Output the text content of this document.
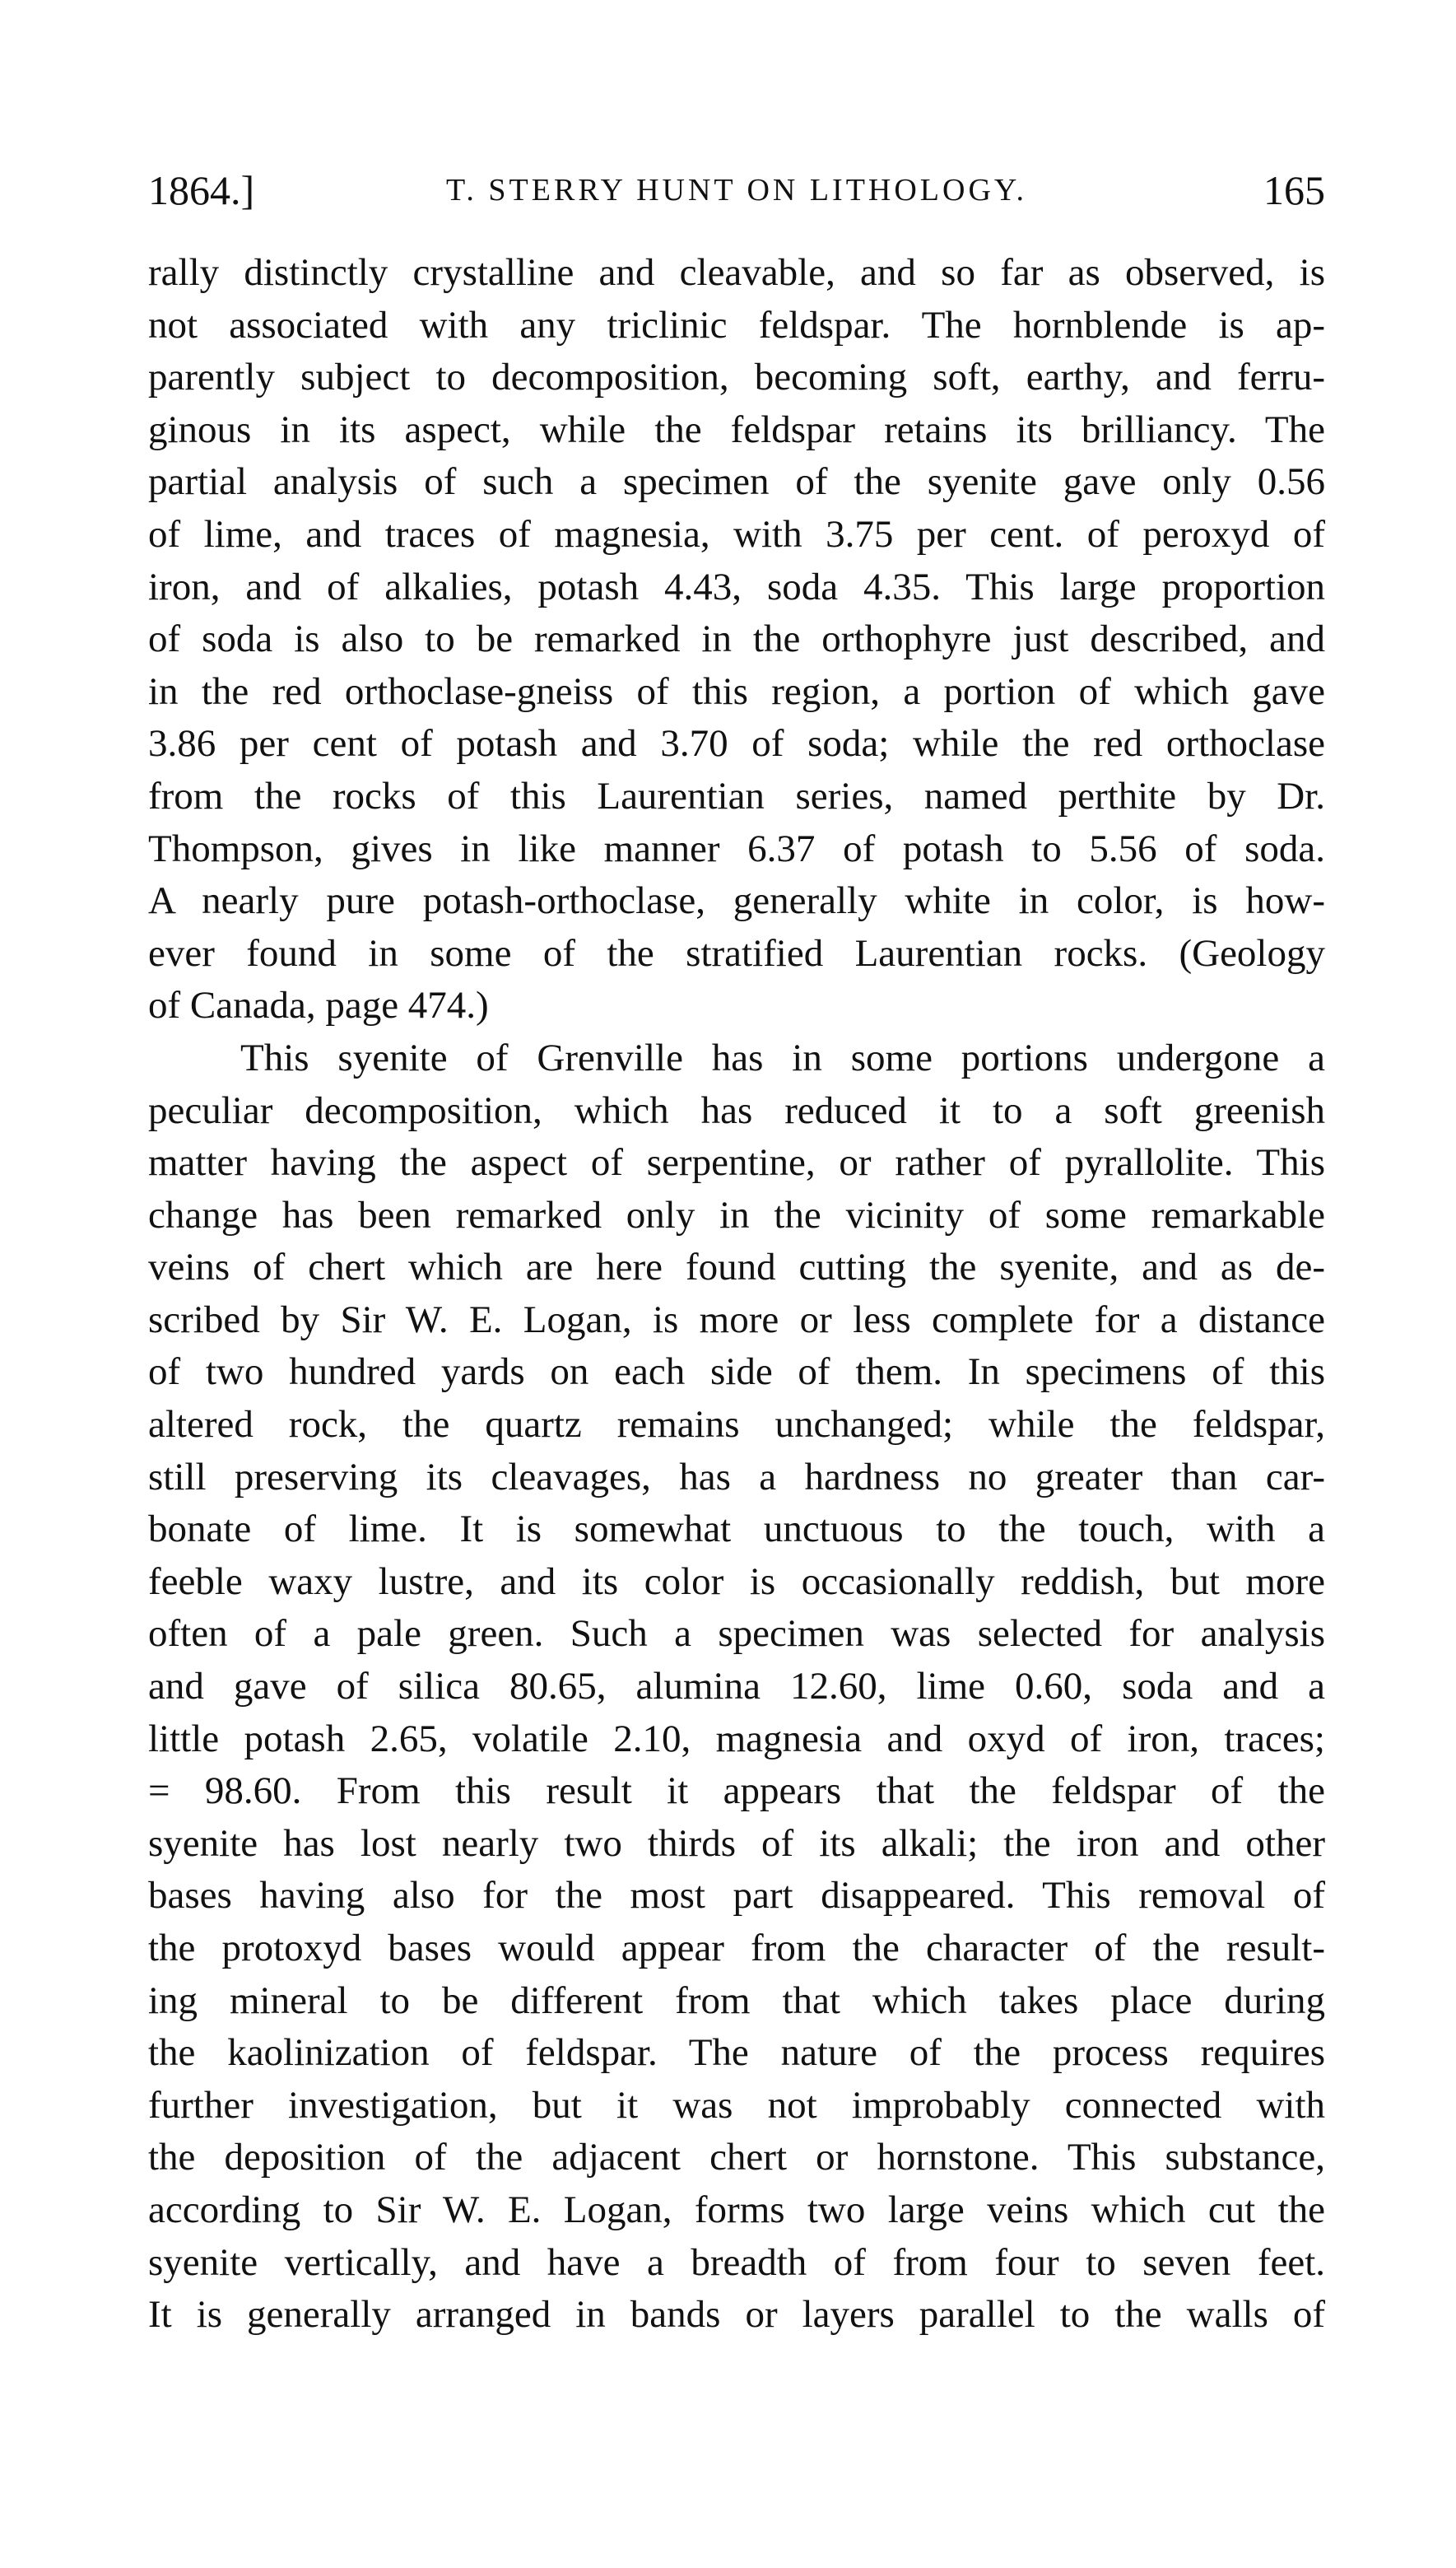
1864.]	T. STERRY HUNT ON LITHOLOGY.	165
rally distinctly crystalline and cleavable, and so far as observed, is
not associated with any triclinic feldspar. The hornblende is ap-
parently subject to decomposition, becoming soft, earthy, and ferru-
ginous in its aspect, while the feldspar retains its brilliancy. The
partial analysis of such a specimen of the syenite gave only 0.56
of lime, and traces of magnesia, with 3.75 per cent. of peroxyd of
iron, and of alkalies, potash 4.43, soda 4.35. This large proportion
of soda is also to be remarked in the orthophyre just described, and
in the red orthoclase-gneiss of this region, a portion of which gave
3.86 per cent of potash and 3.70 of soda; while the red orthoclase
from the rocks of this Laurentian series, named perthite by Dr.
Thompson, gives in like manner 6.37 of potash to 5.56 of soda.
A nearly pure potash-orthoclase, generally white in color, is how-
ever found in some of the stratified Laurentian rocks. (Geology
of Canada, page 474.)
This syenite of Grenville has in some portions undergone a
peculiar decomposition, which has reduced it to a soft greenish
matter having the aspect of serpentine, or rather of pyrallolite. This
change has been remarked only in the vicinity of some remarkable
veins of chert which are here found cutting the syenite, and as de-
scribed by Sir W. E. Logan, is more or less complete for a distance
of two hundred yards on each side of them. In specimens of this
altered rock, the quartz remains unchanged; while the feldspar,
still preserving its cleavages, has a hardness no greater than car-
bonate of lime. It is somewhat unctuous to the touch, with a
feeble waxy lustre, and its color is occasionally reddish, but more
often of a pale green. Such a specimen was selected for analysis
and gave of silica 80.65, alumina 12.60, lime 0.60, soda and a
little potash 2.65, volatile 2.10, magnesia and oxyd of iron, traces;
= 98.60. From this result it appears that the feldspar of the
syenite has lost nearly two thirds of its alkali; the iron and other
bases having also for the most part disappeared. This removal of
the protoxyd bases would appear from the character of the result-
ing mineral to be different from that which takes place during
the kaolinization of feldspar. The nature of the process requires
further investigation, but it was not improbably connected with
the deposition of the adjacent chert or hornstone. This substance,
according to Sir W. E. Logan, forms two large veins which cut the
syenite vertically, and have a breadth of from four to seven feet.
It is generally arranged in bands or layers parallel to the walls of
